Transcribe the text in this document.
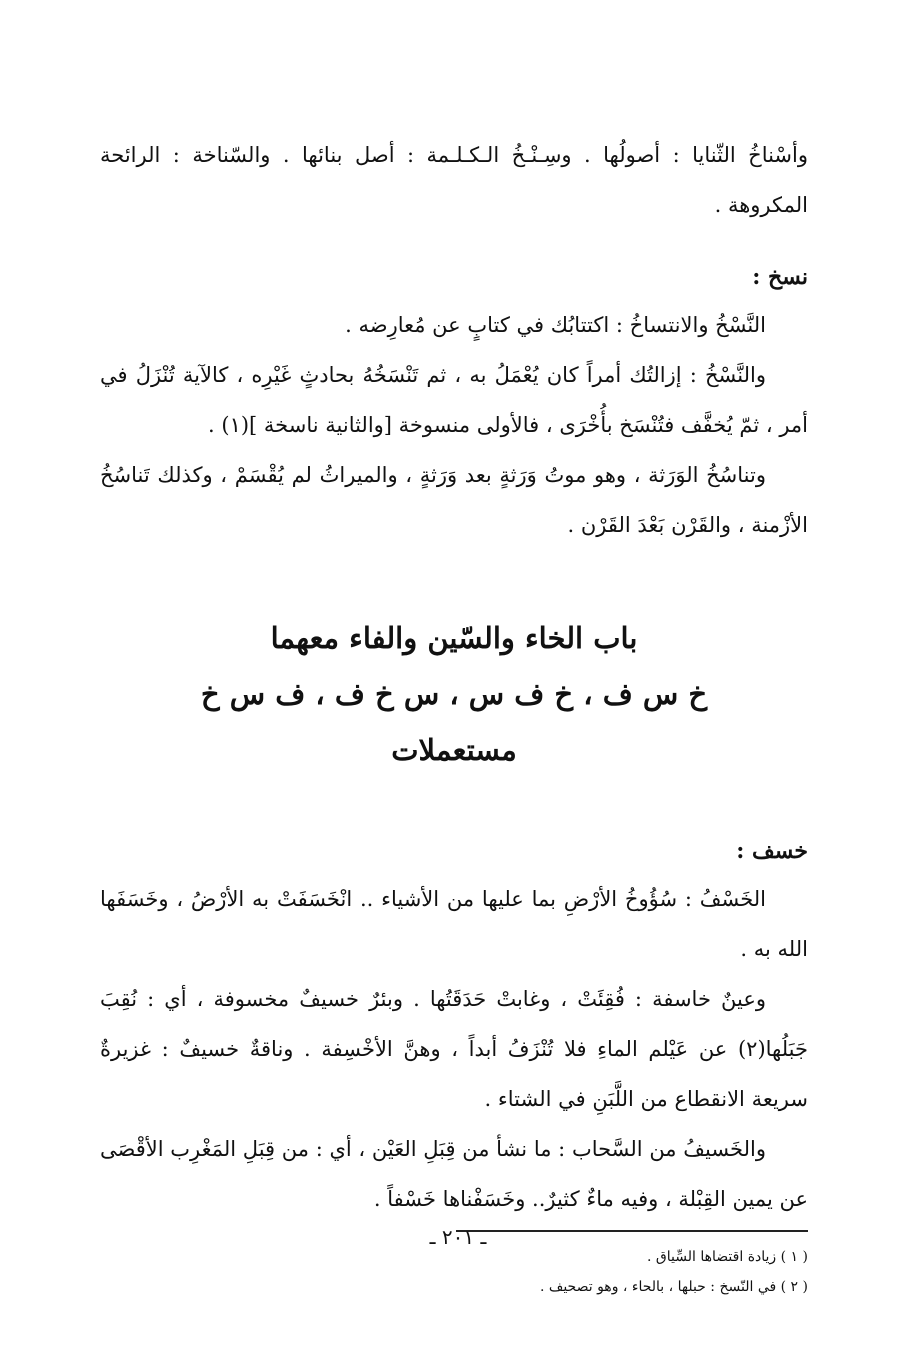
وأسْناخُ الثّنايا : أصولُها . وسِـنْـخُ الـكـلـمة : أصل بنائها . والسّناخة : الرائحة المكروهة .

نسخ :

النَّسْخُ والانتساخُ : اكتتابُك في كتابٍ عن مُعارِضه .

والنَّسْخُ : إزالتُك أمراً كان يُعْمَلُ به ، ثم تَنْسَخُهُ بحادثٍ غَيْرِه ، كالآية تُنْزَلُ في أمر ، ثمّ يُخفَّف فتُنْسَخ بأُخْرَى ، فالأولى منسوخة [والثانية ناسخة ](١) .

وتناسُخُ الوَرَثة ، وهو موتُ وَرَثةٍ بعد وَرَثةٍ ، والميراثُ لم يُقْسَمْ ، وكذلك تَناسُخُ الأزْمنة ، والقَرْن بَعْدَ القَرْن .

باب الخاء والسّين والفاء معهما
خ س ف ، خ ف س ، س خ ف ، ف س خ
مستعملات
خسف :

الخَسْفُ : سُؤُوخُ الأرْضِ بما عليها من الأشياء .. انْخَسَفَتْ به الأرْضُ ، وخَسَفَها الله به .

وعينٌ خاسفة : فُقِئَتْ ، وغابتْ حَدَقَتُها . وبئرٌ خسيفٌ مخسوفة ، أي : نُقِبَ جَبَلُها(٢) عن عَيْلم الماءِ فلا تُنْزَفُ أبداً ، وهنَّ الأخْسِفة . وناقةٌ خسيفٌ : غزيرةٌ سريعة الانقطاع من اللَّبَنِ في الشتاء .

والخَسيفُ من السَّحاب : ما نشأ من قِبَلِ العَيْن ، أي : من قِبَلِ المَغْرِب الأقْصَى عن يمين القِبْلة ، وفيه ماءٌ كثيرٌ.. وخَسَفْناها خَسْفاً .

( ١ ) زيادة اقتضاها السِّياق .

( ٢ ) في النّسخ : حبلها ، بالحاء ، وهو تصحيف .

ـ ٢٠١ ـ
